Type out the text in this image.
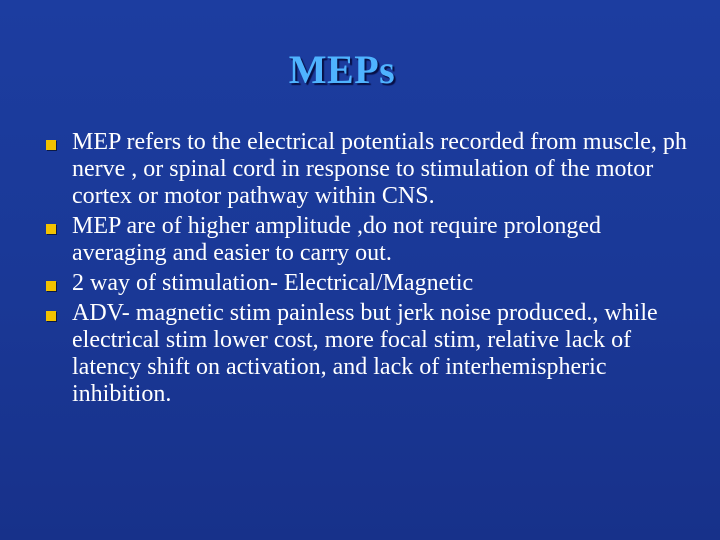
MEPs
MEP refers to the electrical potentials recorded from muscle, ph nerve , or spinal cord in response to stimulation of the motor cortex or motor pathway within CNS.
MEP are of higher amplitude ,do not require prolonged averaging and easier to carry out.
2 way of stimulation- Electrical/Magnetic
ADV- magnetic stim painless but jerk noise produced., while electrical stim lower cost, more focal stim, relative lack of latency shift on activation, and lack of interhemispheric inhibition.
